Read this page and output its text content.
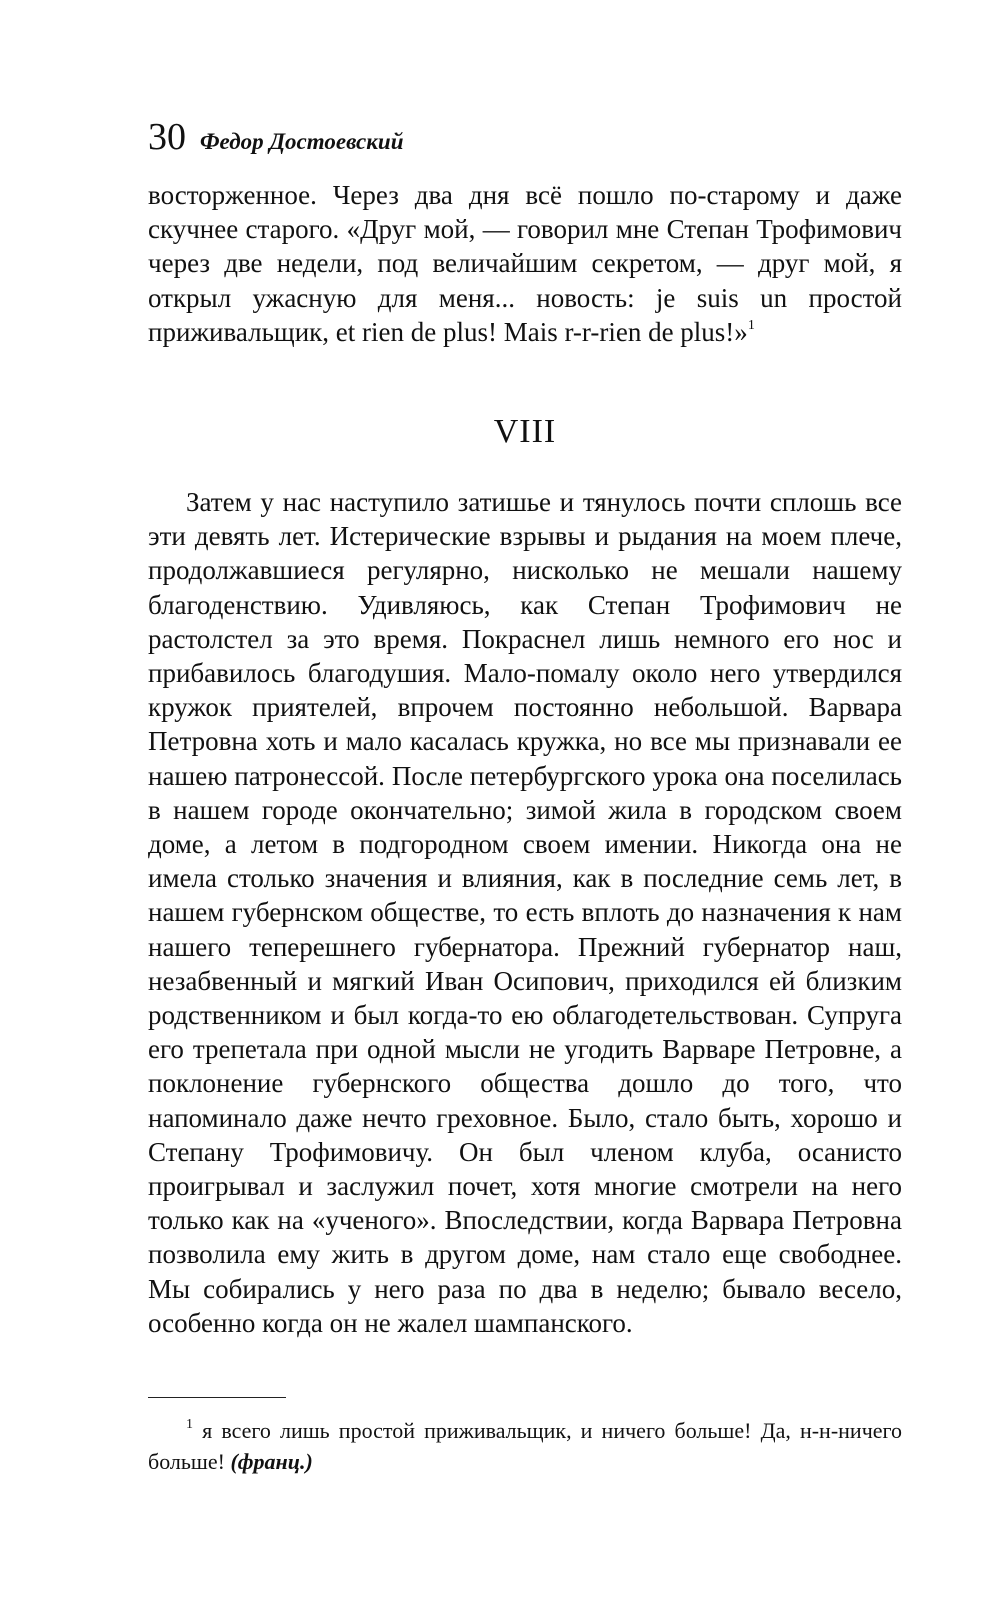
30 Федор Достоевский

восторженное. Через два дня всё пошло по-старому и даже скучнее старого. «Друг мой, — говорил мне Степан Трофимович через две недели, под величайшим секретом, — друг мой, я открыл ужасную для меня... новость: je suis un простой приживальщик, et rien de plus! Mais r-r-rien de plus!»$^1$

VIII

Затем у нас наступило затишье и тянулось почти сплошь все эти девять лет. Истерические взрывы и рыдания на моем плече, продолжавшиеся регулярно, нисколько не мешали нашему благоденствию. Удивляюсь, как Степан Трофимович не растолстел за это время. Покраснел лишь немного его нос и прибавилось благодушия. Мало-помалу около него утвердился кружок приятелей, впрочем постоянно небольшой. Варвара Петровна хоть и мало касалась кружка, но все мы признавали ее нашею патронессой. После петербургского урока она поселилась в нашем городе окончательно; зимой жила в городском своем доме, а летом в подгородном своем имении. Никогда она не имела столько значения и влияния, как в последние семь лет, в нашем губернском обществе, то есть вплоть до назначения к нам нашего теперешнего губернатора. Прежний губернатор наш, незабвенный и мягкий Иван Осипович, приходился ей близким родственником и был когда-то ею облагодетельствован. Супруга его трепетала при одной мысли не угодить Варваре Петровне, а поклонение губернского общества дошло до того, что напоминало даже нечто греховное. Было, стало быть, хорошо и Степану Трофимовичу. Он был членом клуба, осанисто проигрывал и заслужил почет, хотя многие смотрели на него только как на «ученого». Впоследствии, когда Варвара Петровна позволила ему жить в другом доме, нам стало еще свободнее. Мы собирались у него раза по два в неделю; бывало весело, особенно когда он не жалел шампанского.

$^1$ я всего лишь простой приживальщик, и ничего больше! Да, н-н-ничего больше! (франц.)
